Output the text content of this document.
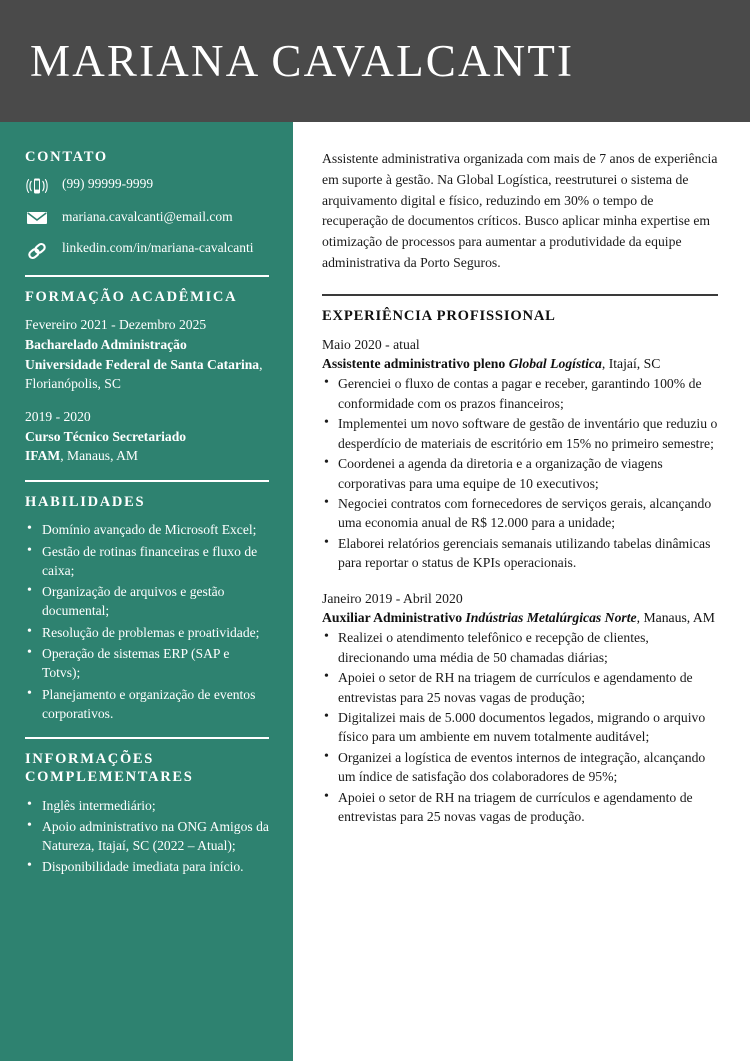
MARIANA CAVALCANTI
CONTATO
(99) 99999-9999
mariana.cavalcanti@email.com
linkedin.com/in/mariana-cavalcanti
FORMAÇÃO ACADÊMICA
Fevereiro 2021 - Dezembro 2025
Bacharelado Administração
Universidade Federal de Santa Catarina, Florianópolis, SC
2019 - 2020
Curso Técnico Secretariado
IFAM, Manaus, AM
HABILIDADES
• Domínio avançado de Microsoft Excel;
• Gestão de rotinas financeiras e fluxo de caixa;
• Organização de arquivos e gestão documental;
• Resolução de problemas e proatividade;
• Operação de sistemas ERP (SAP e Totvs);
• Planejamento e organização de eventos corporativos.
INFORMAÇÕES COMPLEMENTARES
• Inglês intermediário;
• Apoio administrativo na ONG Amigos da Natureza, Itajaí, SC (2022 – Atual);
• Disponibilidade imediata para início.

Assistente administrativa organizada com mais de 7 anos de experiência em suporte à gestão. Na Global Logística, reestruturei o sistema de arquivamento digital e físico, reduzindo em 30% o tempo de recuperação de documentos críticos. Busco aplicar minha expertise em otimização de processos para aumentar a produtividade da equipe administrativa da Porto Seguros.

EXPERIÊNCIA PROFISSIONAL
Maio 2020 - atual
Assistente administrativo pleno Global Logística, Itajaí, SC
• Gerenciei o fluxo de contas a pagar e receber, garantindo 100% de conformidade com os prazos financeiros;
• Implementei um novo software de gestão de inventário que reduziu o desperdício de materiais de escritório em 15% no primeiro semestre;
• Coordenei a agenda da diretoria e a organização de viagens corporativas para uma equipe de 10 executivos;
• Negociei contratos com fornecedores de serviços gerais, alcançando uma economia anual de R$ 12.000 para a unidade;
• Elaborei relatórios gerenciais semanais utilizando tabelas dinâmicas para reportar o status de KPIs operacionais.
Janeiro 2019 - Abril 2020
Auxiliar Administrativo Indústrias Metalúrgicas Norte, Manaus, AM
• Realizei o atendimento telefônico e recepção de clientes, direcionando uma média de 50 chamadas diárias;
• Apoiei o setor de RH na triagem de currículos e agendamento de entrevistas para 25 novas vagas de produção;
• Digitalizei mais de 5.000 documentos legados, migrando o arquivo físico para um ambiente em nuvem totalmente auditável;
• Organizei a logística de eventos internos de integração, alcançando um índice de satisfação dos colaboradores de 95%;
• Apoiei o setor de RH na triagem de currículos e agendamento de entrevistas para 25 novas vagas de produção.
